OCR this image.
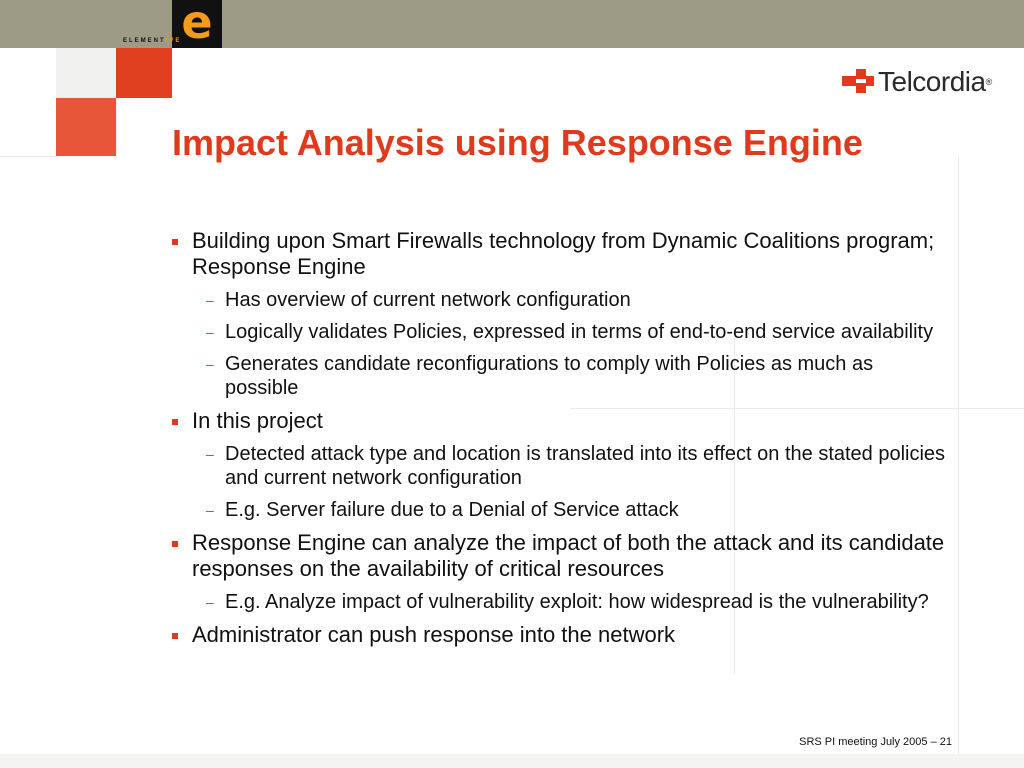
e
ELEMENTIVE
Telcordia ®
Impact Analysis using Response Engine
Building upon Smart Firewalls technology from Dynamic Coalitions program; Response Engine
– Has overview of current network configuration
– Logically validates Policies, expressed in terms of end-to-end service availability
– Generates candidate reconfigurations to comply with Policies as much as possible
In this project
– Detected attack type and location is translated into its effect on the stated policies and current network configuration
– E.g. Server failure due to a Denial of Service attack
Response Engine can analyze the impact of both the attack and its candidate responses on the availability of critical resources
– E.g. Analyze impact of vulnerability exploit: how widespread is the vulnerability?
Administrator can push response into the network
SRS PI meeting July 2005 – 21
